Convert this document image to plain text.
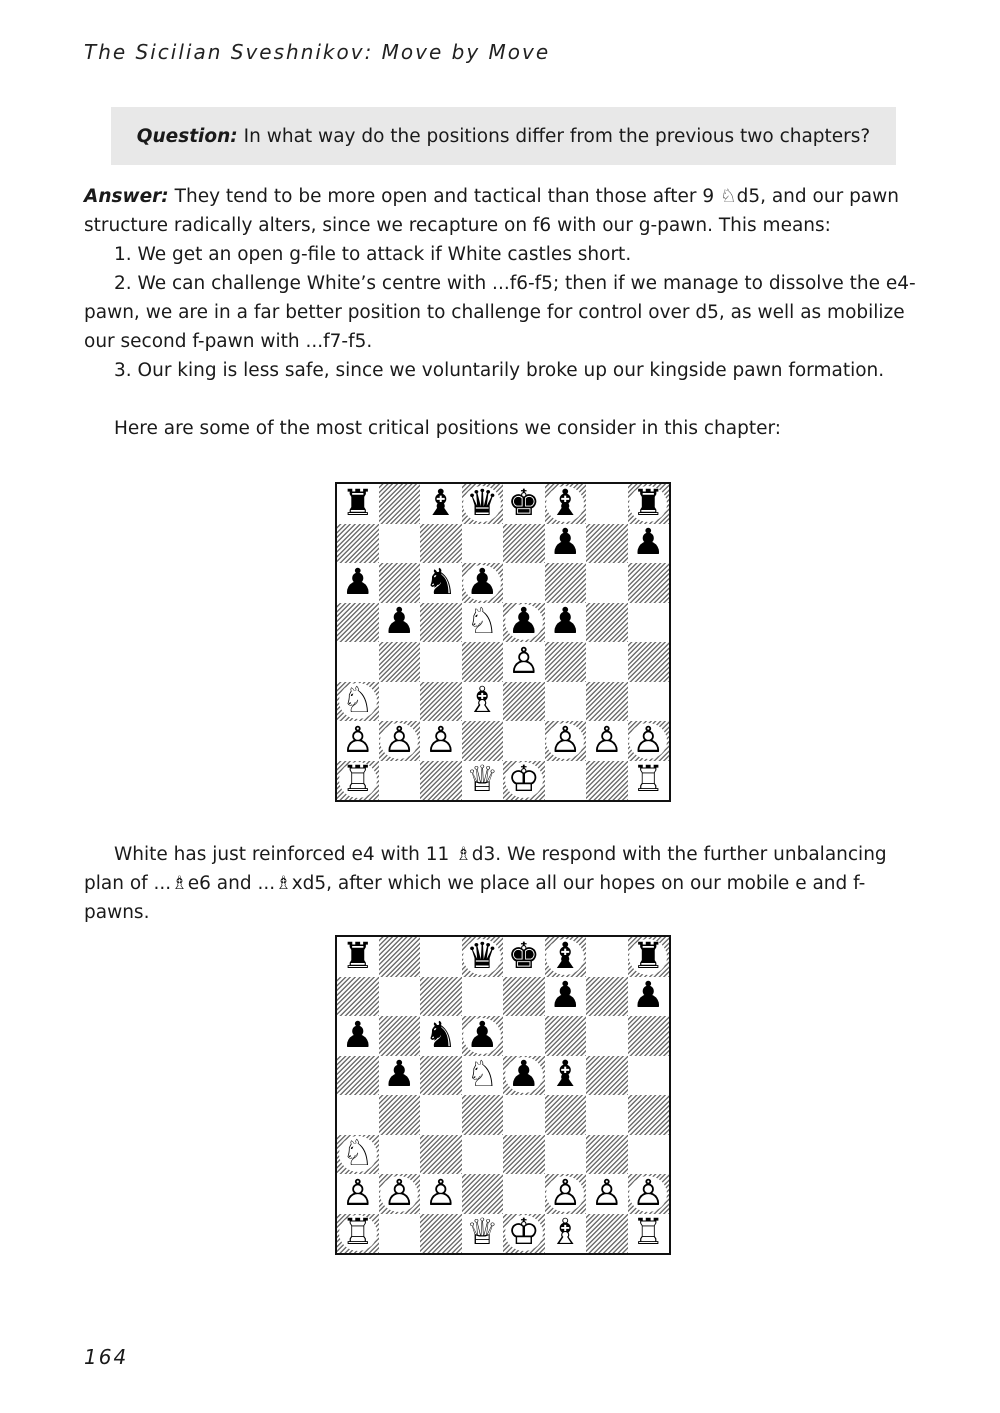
The Sicilian Sveshnikov: Move by Move
Question: In what way do the positions differ from the previous two chapters?

Answer: They tend to be more open and tactical than those after 9 ♘d5, and our pawn structure radically alters, since we recapture on f6 with our g-pawn. This means:

1. We get an open g-file to attack if White castles short.

2. We can challenge White’s centre with ...f6-f5; then if we manage to dissolve the e4-pawn, we are in a far better position to challenge for control over d5, as well as mobilize our second f-pawn with ...f7-f5.

3. Our king is less safe, since we voluntarily broke up our kingside pawn formation.

Here are some of the most critical positions we consider in this chapter:

♜ ♝ ♛ ♚ ♝ ♜
♟ ♟
♟ ♞ ♟
♟ ♘ ♟ ♟
♙
♘	♗
♙ ♙ ♙	♙ ♙ ♙
♖	♕ ♔	♖

White has just reinforced e4 with 11 ♗d3. We respond with the further unbalancing plan of ...♗e6 and ...♗xd5, after which we place all our hopes on our mobile e and f-pawns.

♜	♛ ♚ ♝ ♜
♟ ♟
♟ ♞ ♟
♟ ♘ ♟ ♝
♘
♙ ♙ ♙	♙ ♙ ♙
♖	♕ ♔ ♗ ♖
164
